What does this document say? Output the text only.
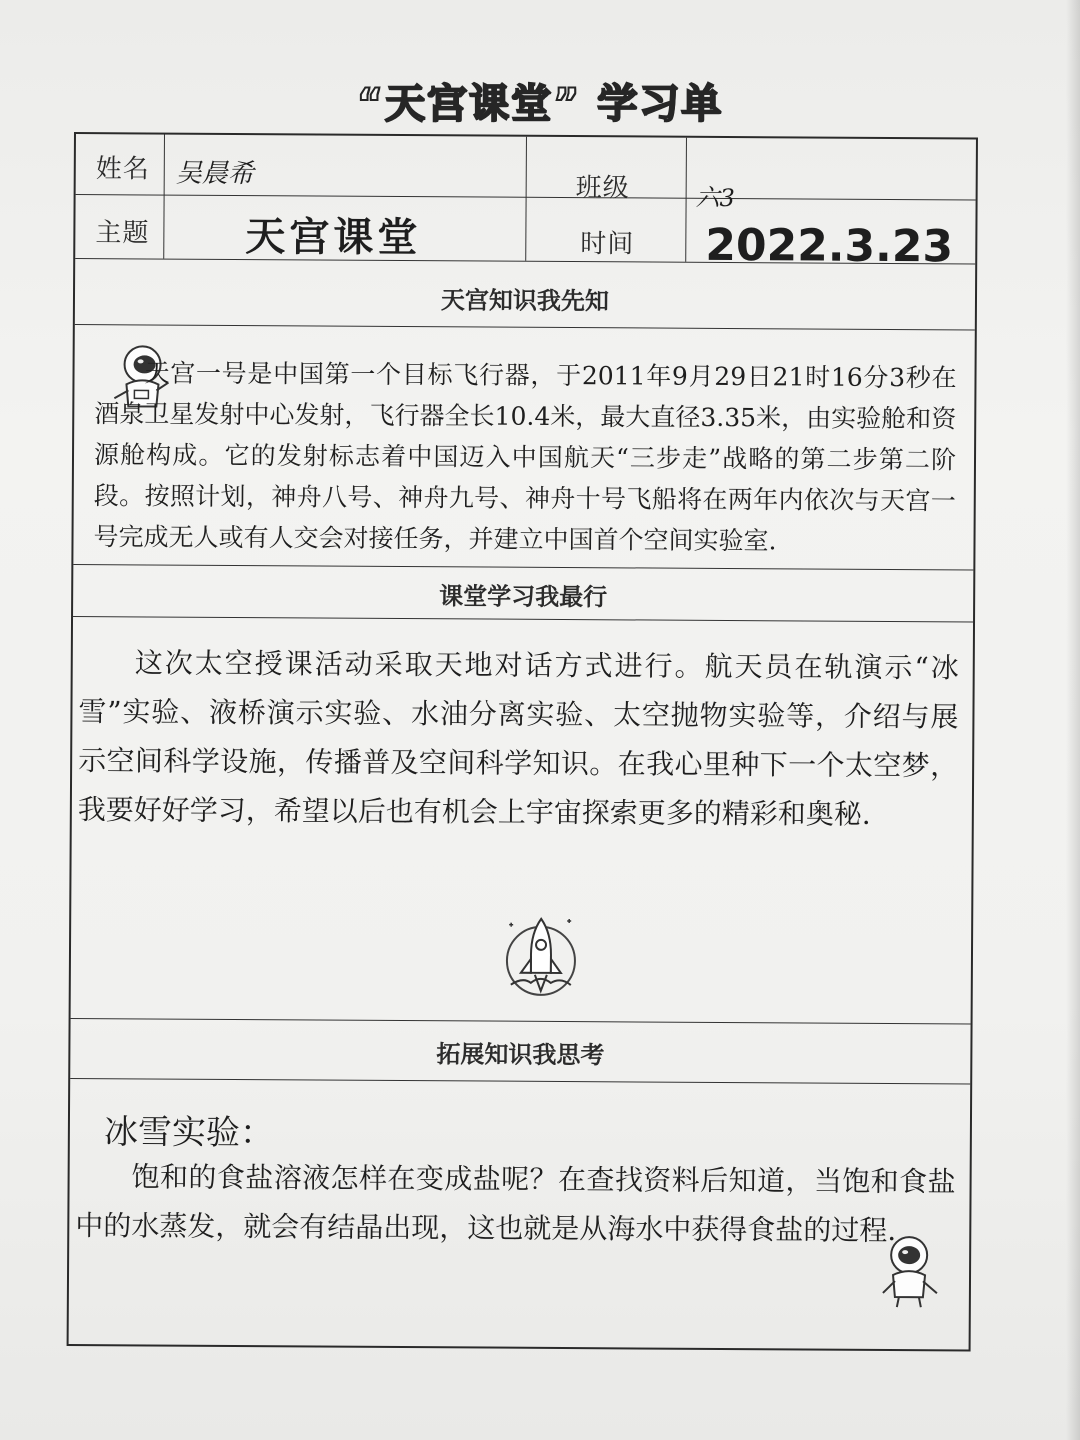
“天宫课堂” 学习单
姓名 吴晨希	班级	六3
主题 天宫课堂	时间 2022.3.23
天宫知识我先知
天宫一号是中国第一个目标飞行器，于2011年9月29日21时16分3秒在酒泉卫星发射中心发射，飞行器全长10.4米，最大直径3.35米，由实验舱和资源舱构成。它的发射标志着中国迈入中国航天“三步走”战略的第二步第二阶段。按照计划，神舟八号、神舟九号、神舟十号飞船将在两年内依次与天宫一号完成无人或有人交会对接任务，并建立中国首个空间实验室.
课堂学习我最行
这次太空授课活动采取天地对话方式进行。航天员在轨演示“冰雪”实验、液桥演示实验、水油分离实验、太空抛物实验等，介绍与展示空间科学设施，传播普及空间科学知识。在我心里种下一个太空梦，我要好好学习，希望以后也有机会上宇宙探索更多的精彩和奥秘.
拓展知识我思考
冰雪实验：
饱和的食盐溶液怎样在变成盐呢？在查找资料后知道，当饱和食盐中的水蒸发，就会有结晶出现，这也就是从海水中获得食盐的过程.
